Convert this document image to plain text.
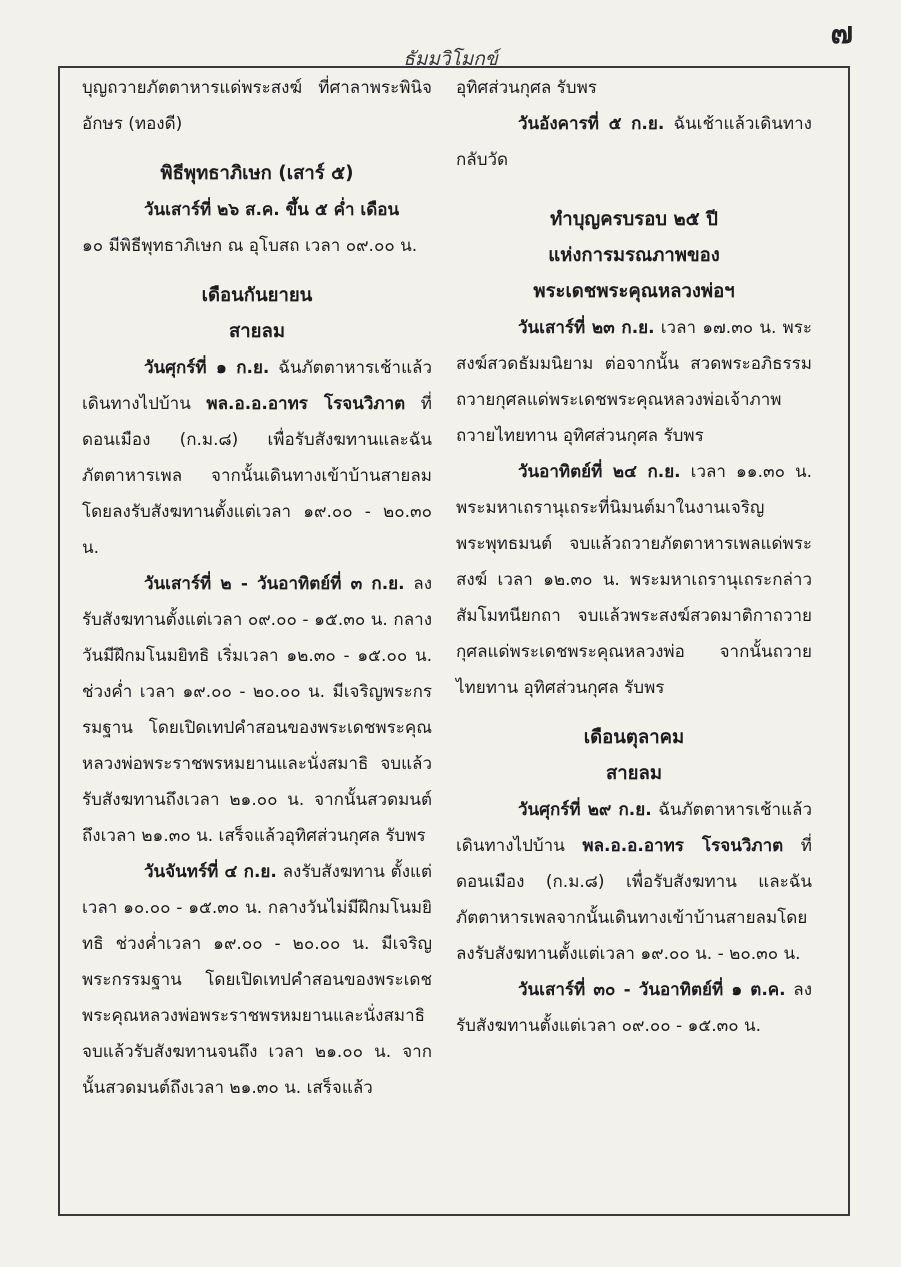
๗
ธัมมวิโมกข์

บุญถวายภัตตาหารแด่พระสงฆ์ ที่ศาลาพระพินิจอักษร (ทองดี)

พิธีพุทธาภิเษก (เสาร์ ๕)

วันเสาร์ที่ ๒๖ ส.ค. ขึ้น ๕ ค่ำ เดือน

๑๐ มีพิธีพุทธาภิเษก ณ อุโบสถ เวลา ๐๙.๐๐ น.

เดือนกันยายน

สายลม

วันศุกร์ที่ ๑ ก.ย. ฉันภัตตาหารเช้าแล้วเดินทางไปบ้าน พล.อ.อ.อาทร โรจนวิภาต ที่ดอนเมือง (ก.ม.๘) เพื่อรับสังฆทานและฉันภัตตาหารเพล จากนั้นเดินทางเข้าบ้านสายลมโดยลงรับสังฆทานตั้งแต่เวลา ๑๙.๐๐ - ๒๐.๓๐ น.

วันเสาร์ที่ ๒ - วันอาทิตย์ที่ ๓ ก.ย. ลงรับสังฆทานตั้งแต่เวลา ๐๙.๐๐ - ๑๕.๓๐ น. กลางวันมีฝึกมโนมยิทธิ เริ่มเวลา ๑๒.๓๐ - ๑๕.๐๐ น. ช่วงค่ำ เวลา ๑๙.๐๐ - ๒๐.๐๐ น. มีเจริญพระกรรมฐาน โดยเปิดเทปคำสอนของพระเดชพระคุณหลวงพ่อพระราชพรหมยานและนั่งสมาธิ จบแล้วรับสังฆทานถึงเวลา ๒๑.๐๐ น. จากนั้นสวดมนต์ถึงเวลา ๒๑.๓๐ น. เสร็จแล้วอุทิศส่วนกุศล รับพร

วันจันทร์ที่ ๔ ก.ย. ลงรับสังฆทาน ตั้งแต่เวลา ๑๐.๐๐ - ๑๕.๓๐ น. กลางวันไม่มีฝึกมโนมยิทธิ ช่วงค่ำเวลา ๑๙.๐๐ - ๒๐.๐๐ น. มีเจริญพระกรรมฐาน โดยเปิดเทปคำสอนของพระเดชพระคุณหลวงพ่อพระราชพรหมยานและนั่งสมาธิ จบแล้วรับสังฆทานจนถึง เวลา ๒๑.๐๐ น. จากนั้นสวดมนต์ถึงเวลา ๒๑.๓๐ น. เสร็จแล้ว

อุทิศส่วนกุศล รับพร

วันอังคารที่ ๕ ก.ย. ฉันเช้าแล้วเดินทางกลับวัด

ทำบุญครบรอบ ๒๕ ปี

แห่งการมรณภาพของ

พระเดชพระคุณหลวงพ่อฯ

วันเสาร์ที่ ๒๓ ก.ย. เวลา ๑๗.๓๐ น. พระสงฆ์สวดธัมมนิยาม ต่อจากนั้น สวดพระอภิธรรมถวายกุศลแด่พระเดชพระคุณหลวงพ่อเจ้าภาพถวายไทยทาน อุทิศส่วนกุศล รับพร

วันอาทิตย์ที่ ๒๔ ก.ย. เวลา ๑๑.๓๐ น. พระมหาเถรานุเถระที่นิมนต์มาในงานเจริญพระพุทธมนต์ จบแล้วถวายภัตตาหารเพลแด่พระสงฆ์ เวลา ๑๒.๓๐ น. พระมหาเถรานุเถระกล่าวสัมโมทนียกถา จบแล้วพระสงฆ์สวดมาติกาถวายกุศลแด่พระเดชพระคุณหลวงพ่อ จากนั้นถวายไทยทาน อุทิศส่วนกุศล รับพร

เดือนตุลาคม

สายลม

วันศุกร์ที่ ๒๙ ก.ย. ฉันภัตตาหารเช้าแล้วเดินทางไปบ้าน พล.อ.อ.อาทร โรจนวิภาต ที่ดอนเมือง (ก.ม.๘) เพื่อรับสังฆทาน และฉันภัตตาหารเพลจากนั้นเดินทางเข้าบ้านสายลมโดยลงรับสังฆทานตั้งแต่เวลา ๑๙.๐๐ น. - ๒๐.๓๐ น.

วันเสาร์ที่ ๓๐ - วันอาทิตย์ที่ ๑ ต.ค. ลงรับสังฆทานตั้งแต่เวลา ๐๙.๐๐ - ๑๕.๓๐ น.
